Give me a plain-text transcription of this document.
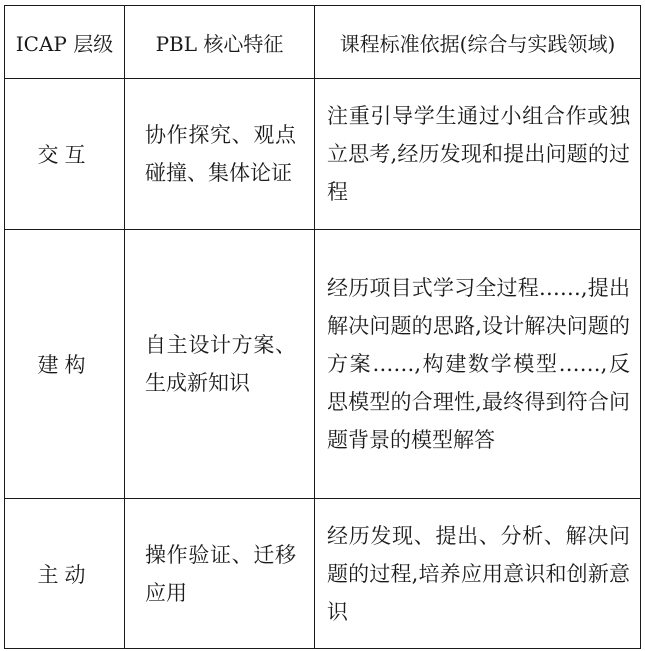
ICAP 层级	PBL 核心特征	课程标准依据(综合与实践领域)
交互	协作探究、观点碰撞、集体论证	注重引导学生通过小组合作或独立思考,经历发现和提出问题的过程
建构	自主设计方案、生成新知识	经历项目式学习全过程……,提出解决问题的思路,设计解决问题的方案……,构建数学模型……,反思模型的合理性,最终得到符合问题背景的模型解答
主动	操作验证、迁移应用	经历发现、提出、分析、解决问题的过程,培养应用意识和创新意识
